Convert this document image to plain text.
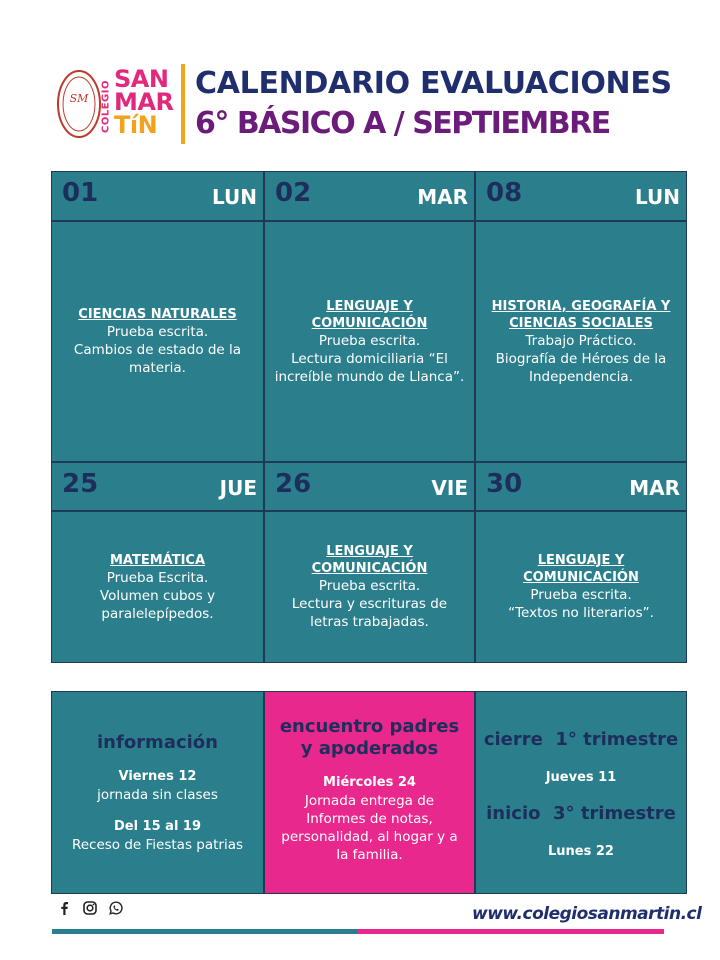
SM COLEGIO
SAN
MAR
TíN
CALENDARIO EVALUACIONES
6° BÁSICO A / SEPTIEMBRE
01	LUN
CIENCIAS NATURALES
Prueba escrita.
Cambios de estado de la materia.
02	MAR
LENGUAJE Y COMUNICACIÓN
Prueba escrita.
Lectura domiciliaria “El increíble mundo de Llanca”.
08	LUN
HISTORIA, GEOGRAFÍA Y CIENCIAS SOCIALES
Trabajo Práctico.
Biografía de Héroes de la Independencia.
25	JUE
MATEMÁTICA
Prueba Escrita.
Volumen cubos y paralelepípedos.
26	VIE
LENGUAJE Y COMUNICACIÓN
Prueba escrita.
Lectura y escrituras de letras trabajadas.
30	MAR
LENGUAJE Y COMUNICACIÓN
Prueba escrita.
“Textos no literarios”.
información
Viernes 12
jornada sin clases
Del 15 al 19
Receso de Fiestas patrias
encuentro padres y apoderados
Miércoles 24
Jornada entrega de Informes de notas, personalidad, al hogar y a la familia.
cierre  1° trimestre
Jueves 11
inicio  3° trimestre
Lunes 22
www.colegiosanmartin.cl
